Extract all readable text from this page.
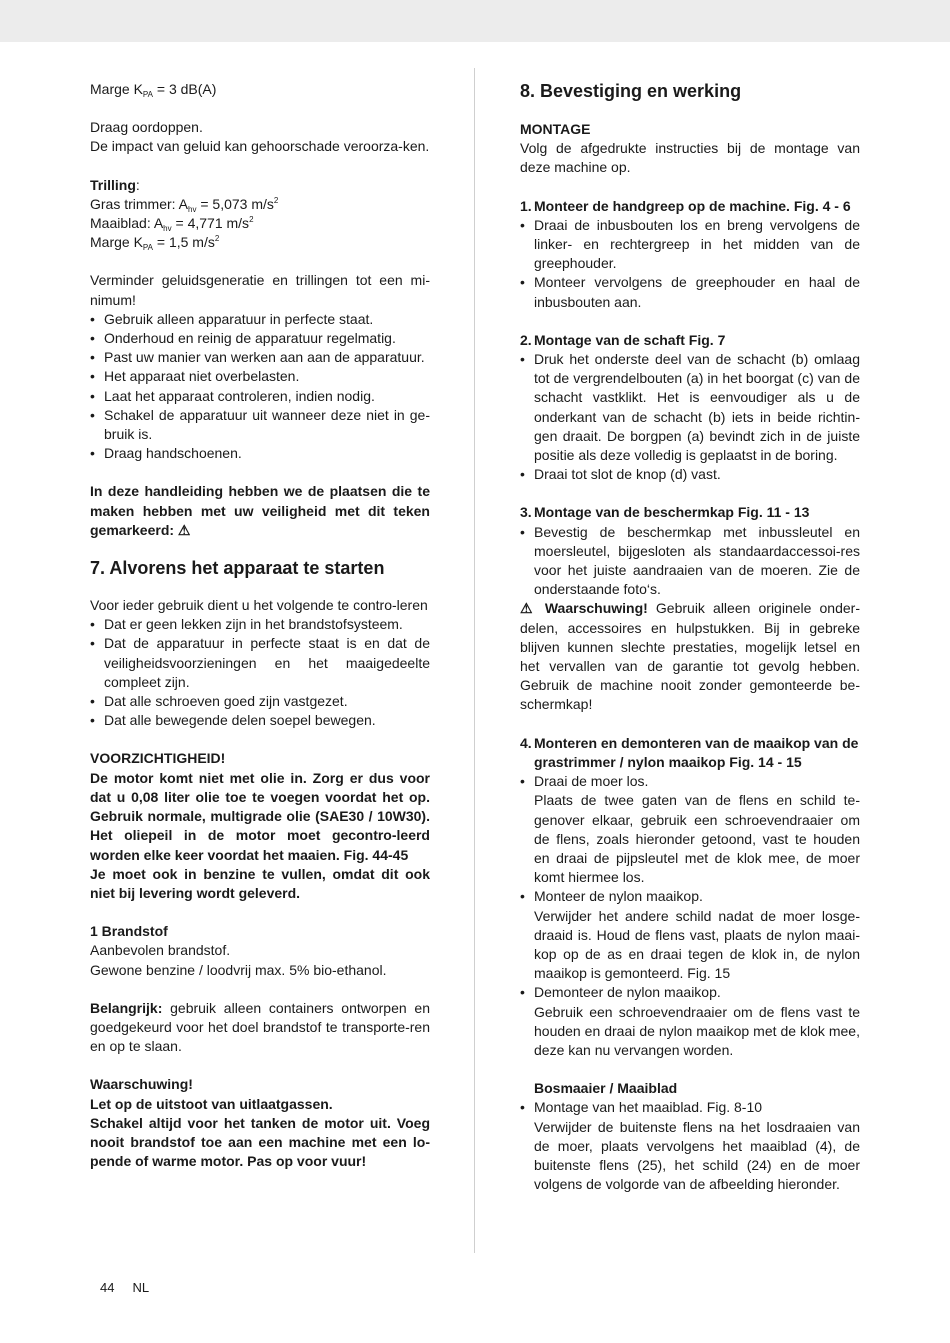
Marge $K_{PA} = 3$ dB(A)

Draag oordoppen.

De impact van geluid kan gehoorschade veroorza-ken.

Trilling:

Gras trimmer: $A_{hv} = 5,073$ $m/s^2$

Maaiblad: $A_{hv} = 4,771$ $m/s^2$

Marge $K_{PA} = 1,5$ $m/s^2$

Verminder geluidsgeneratie en trillingen tot een mi-nimum!

• Gebruik alleen apparatuur in perfecte staat.
• Onderhoud en reinig de apparatuur regelmatig.
• Past uw manier van werken aan aan de apparatuur.
• Het apparaat niet overbelasten.
• Laat het apparaat controleren, indien nodig.
• Schakel de apparatuur uit wanneer deze niet in ge-bruik is.
• Draag handschoenen.

In deze handleiding hebben we de plaatsen die te maken hebben met uw veiligheid met dit teken gemarkeerd: ⚠

7. Alvorens het apparaat te starten

Voor ieder gebruik dient u het volgende te contro-leren

• Dat er geen lekken zijn in het brandstofsysteem.
• Dat de apparatuur in perfecte staat is en dat de veiligheidsvoorzieningen en het maaigedeelte compleet zijn.
• Dat alle schroeven goed zijn vastgezet.
• Dat alle bewegende delen soepel bewegen.

VOORZICHTIGHEID!

De motor komt niet met olie in. Zorg er dus voor dat u 0,08 liter olie toe te voegen voordat het op. Gebruik normale, multigrade olie (SAE30 / 10W30). Het oliepeil in de motor moet gecontro-leerd worden elke keer voordat het maaien. Fig. 44-45

Je moet ook in benzine te vullen, omdat dit ook niet bij levering wordt geleverd.

1 Brandstof

Aanbevolen brandstof.

Gewone benzine / loodvrij max. 5% bio-ethanol.

Belangrijk: gebruik alleen containers ontworpen en goedgekeurd voor het doel brandstof te transporte-ren en op te slaan.

Waarschuwing!

Let op de uitstoot van uitlaatgassen.

Schakel altijd voor het tanken de motor uit. Voeg nooit brandstof toe aan een machine met een lo-pende of warme motor. Pas op voor vuur!

8. Bevestiging en werking

MONTAGE

Volg de afgedrukte instructies bij de montage van deze machine op.

1. Monteer de handgreep op de machine. Fig. 4 - 6

• Draai de inbusbouten los en breng vervolgens de linker- en rechtergreep in het midden van de greephouder.
• Monteer vervolgens de greephouder en haal de inbusbouten aan.

2. Montage van de schaft Fig. 7

• Druk het onderste deel van de schacht (b) omlaag tot de vergrendelbouten (a) in het boorgat (c) van de schacht vastklikt. Het is eenvoudiger als u de onderkant van de schacht (b) iets in beide richtin-gen draait. De borgpen (a) bevindt zich in de juiste positie als deze volledig is geplaatst in de boring.
• Draai tot slot de knop (d) vast.

3. Montage van de beschermkap Fig. 11 - 13

• Bevestig de beschermkap met inbussleutel en moersleutel, bijgesloten als standaardaccessoi-res voor het juiste aandraaien van de moeren. Zie de onderstaande foto‘s.

⚠ Waarschuwing! Gebruik alleen originele onder-delen, accessoires en hulpstukken. Bij in gebreke blijven kunnen slechte prestaties, mogelijk letsel en het vervallen van de garantie tot gevolg hebben. Gebruik de machine nooit zonder gemonteerde be-schermkap!

4. Monteren en demonteren van de maaikop van de grastrimmer / nylon maaikop Fig. 14 - 15

• Draai de moer los.

Plaats de twee gaten van de flens en schild te-genover elkaar, gebruik een schroevendraaier om de flens, zoals hieronder getoond, vast te houden en draai de pijpsleutel met de klok mee, de moer komt hiermee los.

• Monteer de nylon maaikop.

Verwijder het andere schild nadat de moer losge-draaid is. Houd de flens vast, plaats de nylon maai-kop op de as en draai tegen de klok in, de nylon maaikop is gemonteerd. Fig. 15

• Demonteer de nylon maaikop.

Gebruik een schroevendraaier om de flens vast te houden en draai de nylon maaikop met de klok mee, deze kan nu vervangen worden.

Bosmaaier / Maaiblad

• Montage van het maaiblad. Fig. 8-10

Verwijder de buitenste flens na het losdraaien van de moer, plaats vervolgens het maaiblad (4), de buitenste flens (25), het schild (24) en de moer volgens de volgorde van de afbeelding hieronder.

44 NL
